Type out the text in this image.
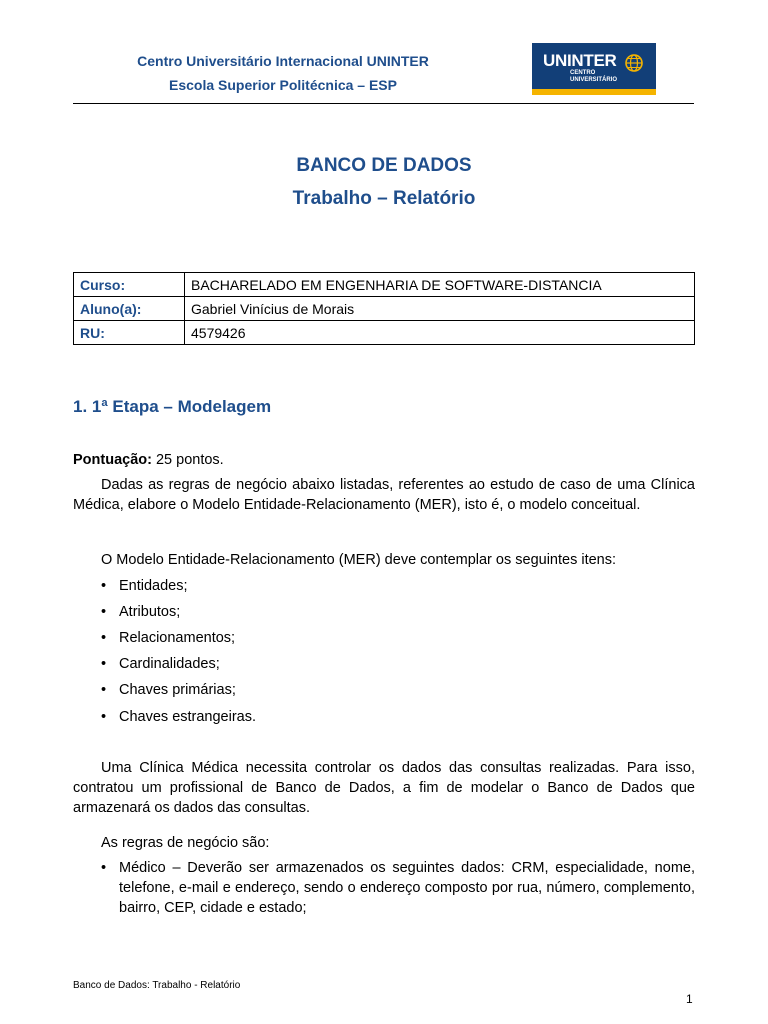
Centro Universitário Internacional UNINTER
Escola Superior Politécnica – ESP
UNINTER
CENTRO
UNIVERSITÁRIO
BANCO DE DADOS
Trabalho – Relatório
Curso:	BACHARELADO EM ENGENHARIA DE SOFTWARE-DISTANCIA
Aluno(a):	Gabriel Vinícius de Morais
RU:	4579426
1. 1ª Etapa – Modelagem
Pontuação: 25 pontos.
Dadas as regras de negócio abaixo listadas, referentes ao estudo de caso de uma Clínica Médica, elabore o Modelo Entidade-Relacionamento (MER), isto é, o modelo conceitual.
O Modelo Entidade-Relacionamento (MER) deve contemplar os seguintes itens:
• Entidades;
• Atributos;
• Relacionamentos;
• Cardinalidades;
• Chaves primárias;
• Chaves estrangeiras.
Uma Clínica Médica necessita controlar os dados das consultas realizadas. Para isso, contratou um profissional de Banco de Dados, a fim de modelar o Banco de Dados que armazenará os dados das consultas.
As regras de negócio são:
• Médico – Deverão ser armazenados os seguintes dados: CRM, especialidade, nome, telefone, e-mail e endereço, sendo o endereço composto por rua, número, complemento, bairro, CEP, cidade e estado;
Banco de Dados: Trabalho - Relatório
1
